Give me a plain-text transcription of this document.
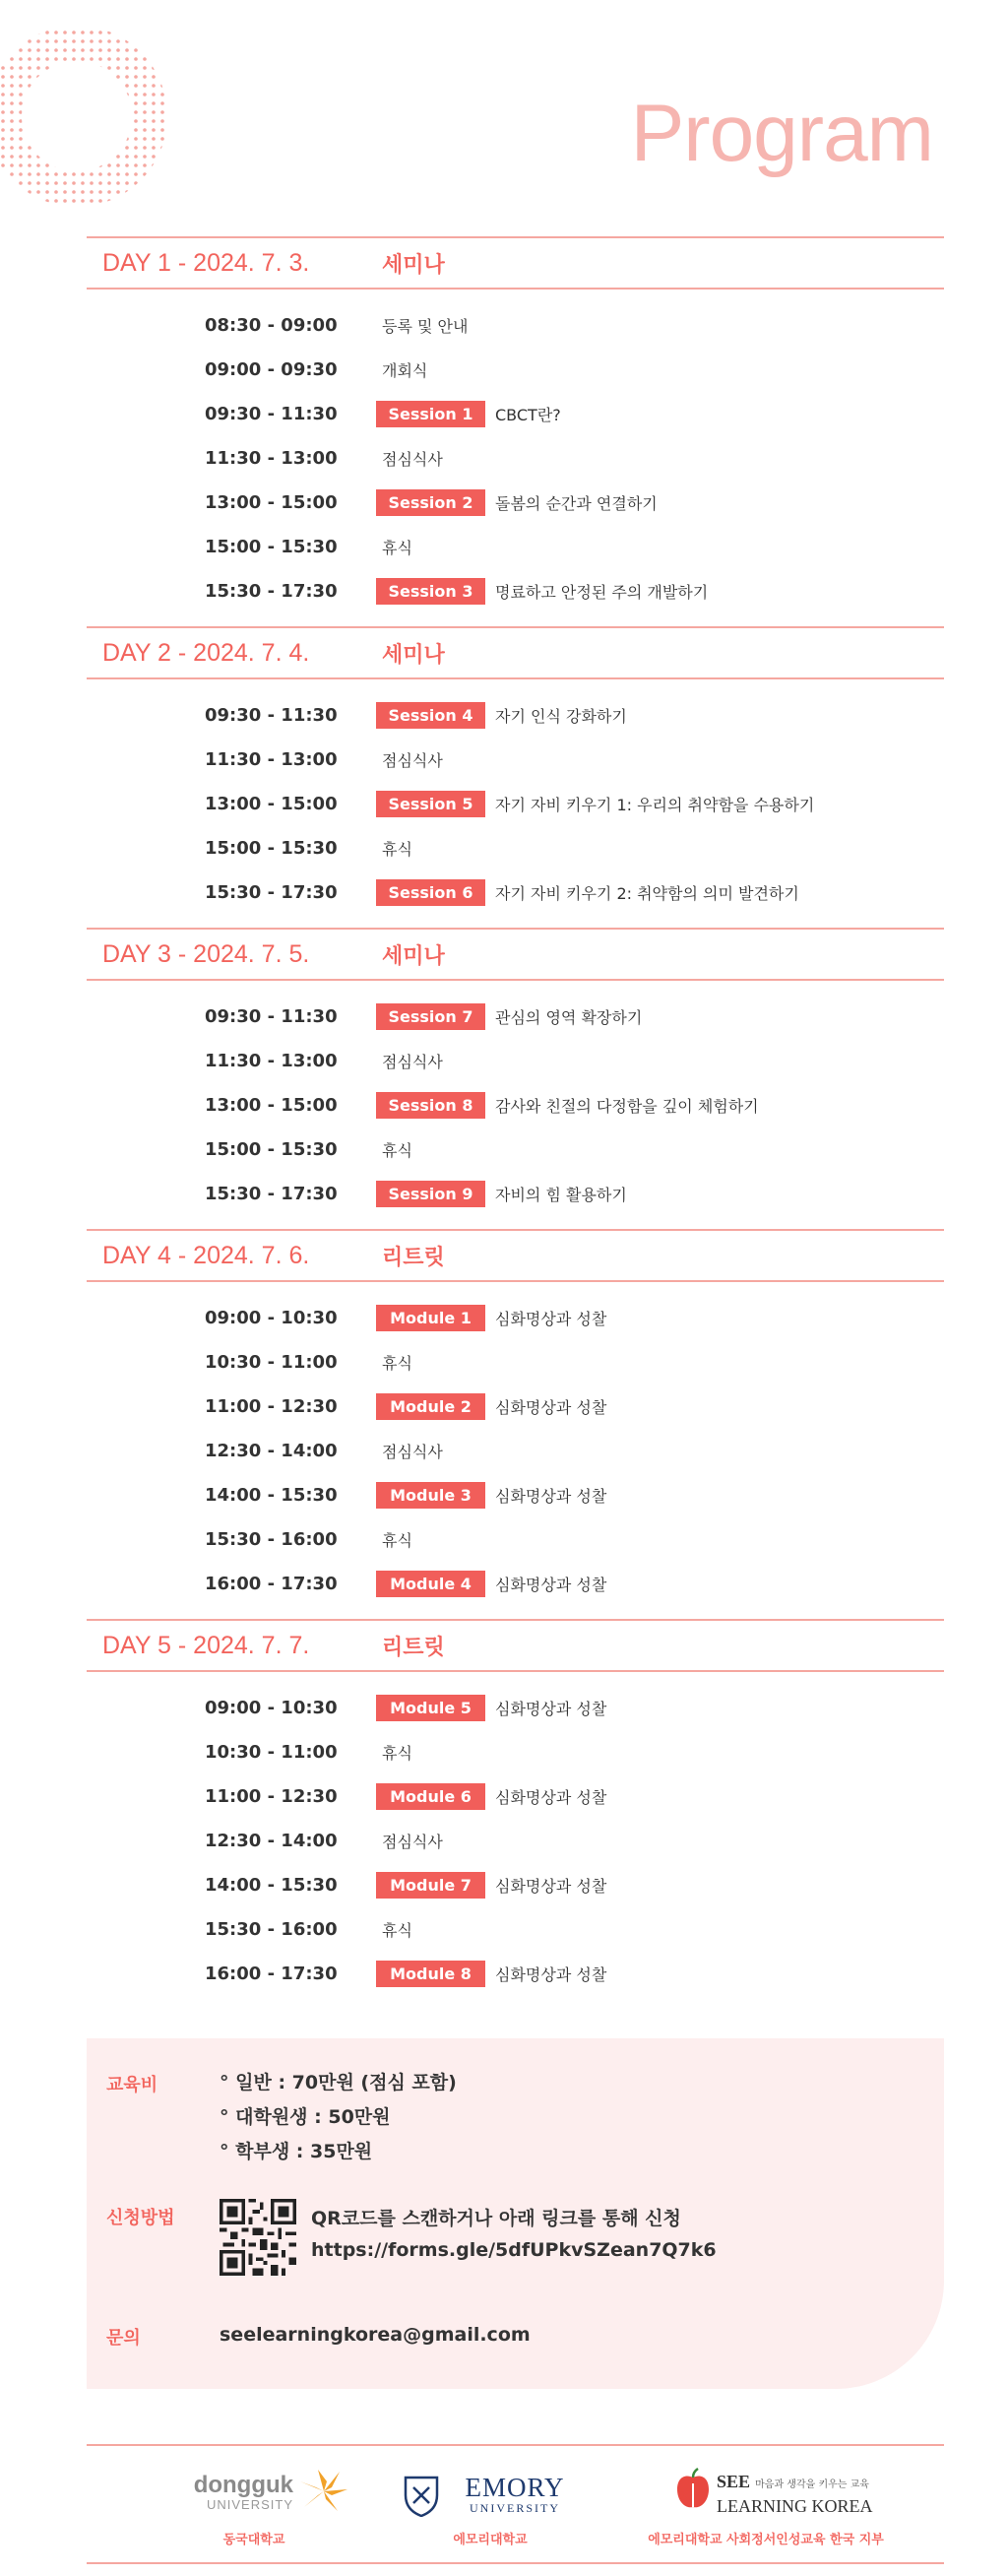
Program
DAY 1 - 2024. 7. 3.	세미나
08:30 - 09:00	등록 및 안내
09:00 - 09:30	개회식
09:30 - 11:30	Session 1	CBCT란?
11:30 - 13:00	점심식사
13:00 - 15:00	Session 2	돌봄의 순간과 연결하기
15:00 - 15:30	휴식
15:30 - 17:30	Session 3	명료하고 안정된 주의 개발하기
DAY 2 - 2024. 7. 4.	세미나
09:30 - 11:30	Session 4	자기 인식 강화하기
11:30 - 13:00	점심식사
13:00 - 15:00	Session 5	자기 자비 키우기 1: 우리의 취약함을 수용하기
15:00 - 15:30	휴식
15:30 - 17:30	Session 6	자기 자비 키우기 2: 취약함의 의미 발견하기
DAY 3 - 2024. 7. 5.	세미나
09:30 - 11:30	Session 7	관심의 영역 확장하기
11:30 - 13:00	점심식사
13:00 - 15:00	Session 8	감사와 친절의 다정함을 깊이 체험하기
15:00 - 15:30	휴식
15:30 - 17:30	Session 9	자비의 힘 활용하기
DAY 4 - 2024. 7. 6.	리트릿
09:00 - 10:30	Module 1	심화명상과 성찰
10:30 - 11:00	휴식
11:00 - 12:30	Module 2	심화명상과 성찰
12:30 - 14:00	점심식사
14:00 - 15:30	Module 3	심화명상과 성찰
15:30 - 16:00	휴식
16:00 - 17:30	Module 4	심화명상과 성찰
DAY 5 - 2024. 7. 7.	리트릿
09:00 - 10:30	Module 5	심화명상과 성찰
10:30 - 11:00	휴식
11:00 - 12:30	Module 6	심화명상과 성찰
12:30 - 14:00	점심식사
14:00 - 15:30	Module 7	심화명상과 성찰
15:30 - 16:00	휴식
16:00 - 17:30	Module 8	심화명상과 성찰
교육비	° 일반 : 70만원 (점심 포함)
° 대학원생 : 50만원
° 학부생 : 35만원
신청방법	QR코드를 스캔하거나 아래 링크를 통해 신청
https://forms.gle/5dfUPkvSZean7Q7k6
문의	seelearningkorea@gmail.com
dongguk
UNIVERSITY
동국대학교
EMORY
UNIVERSITY
에모리대학교
SEE 마음과 생각을 키우는 교육
LEARNING KOREA
에모리대학교 사회정서인성교육 한국 지부
